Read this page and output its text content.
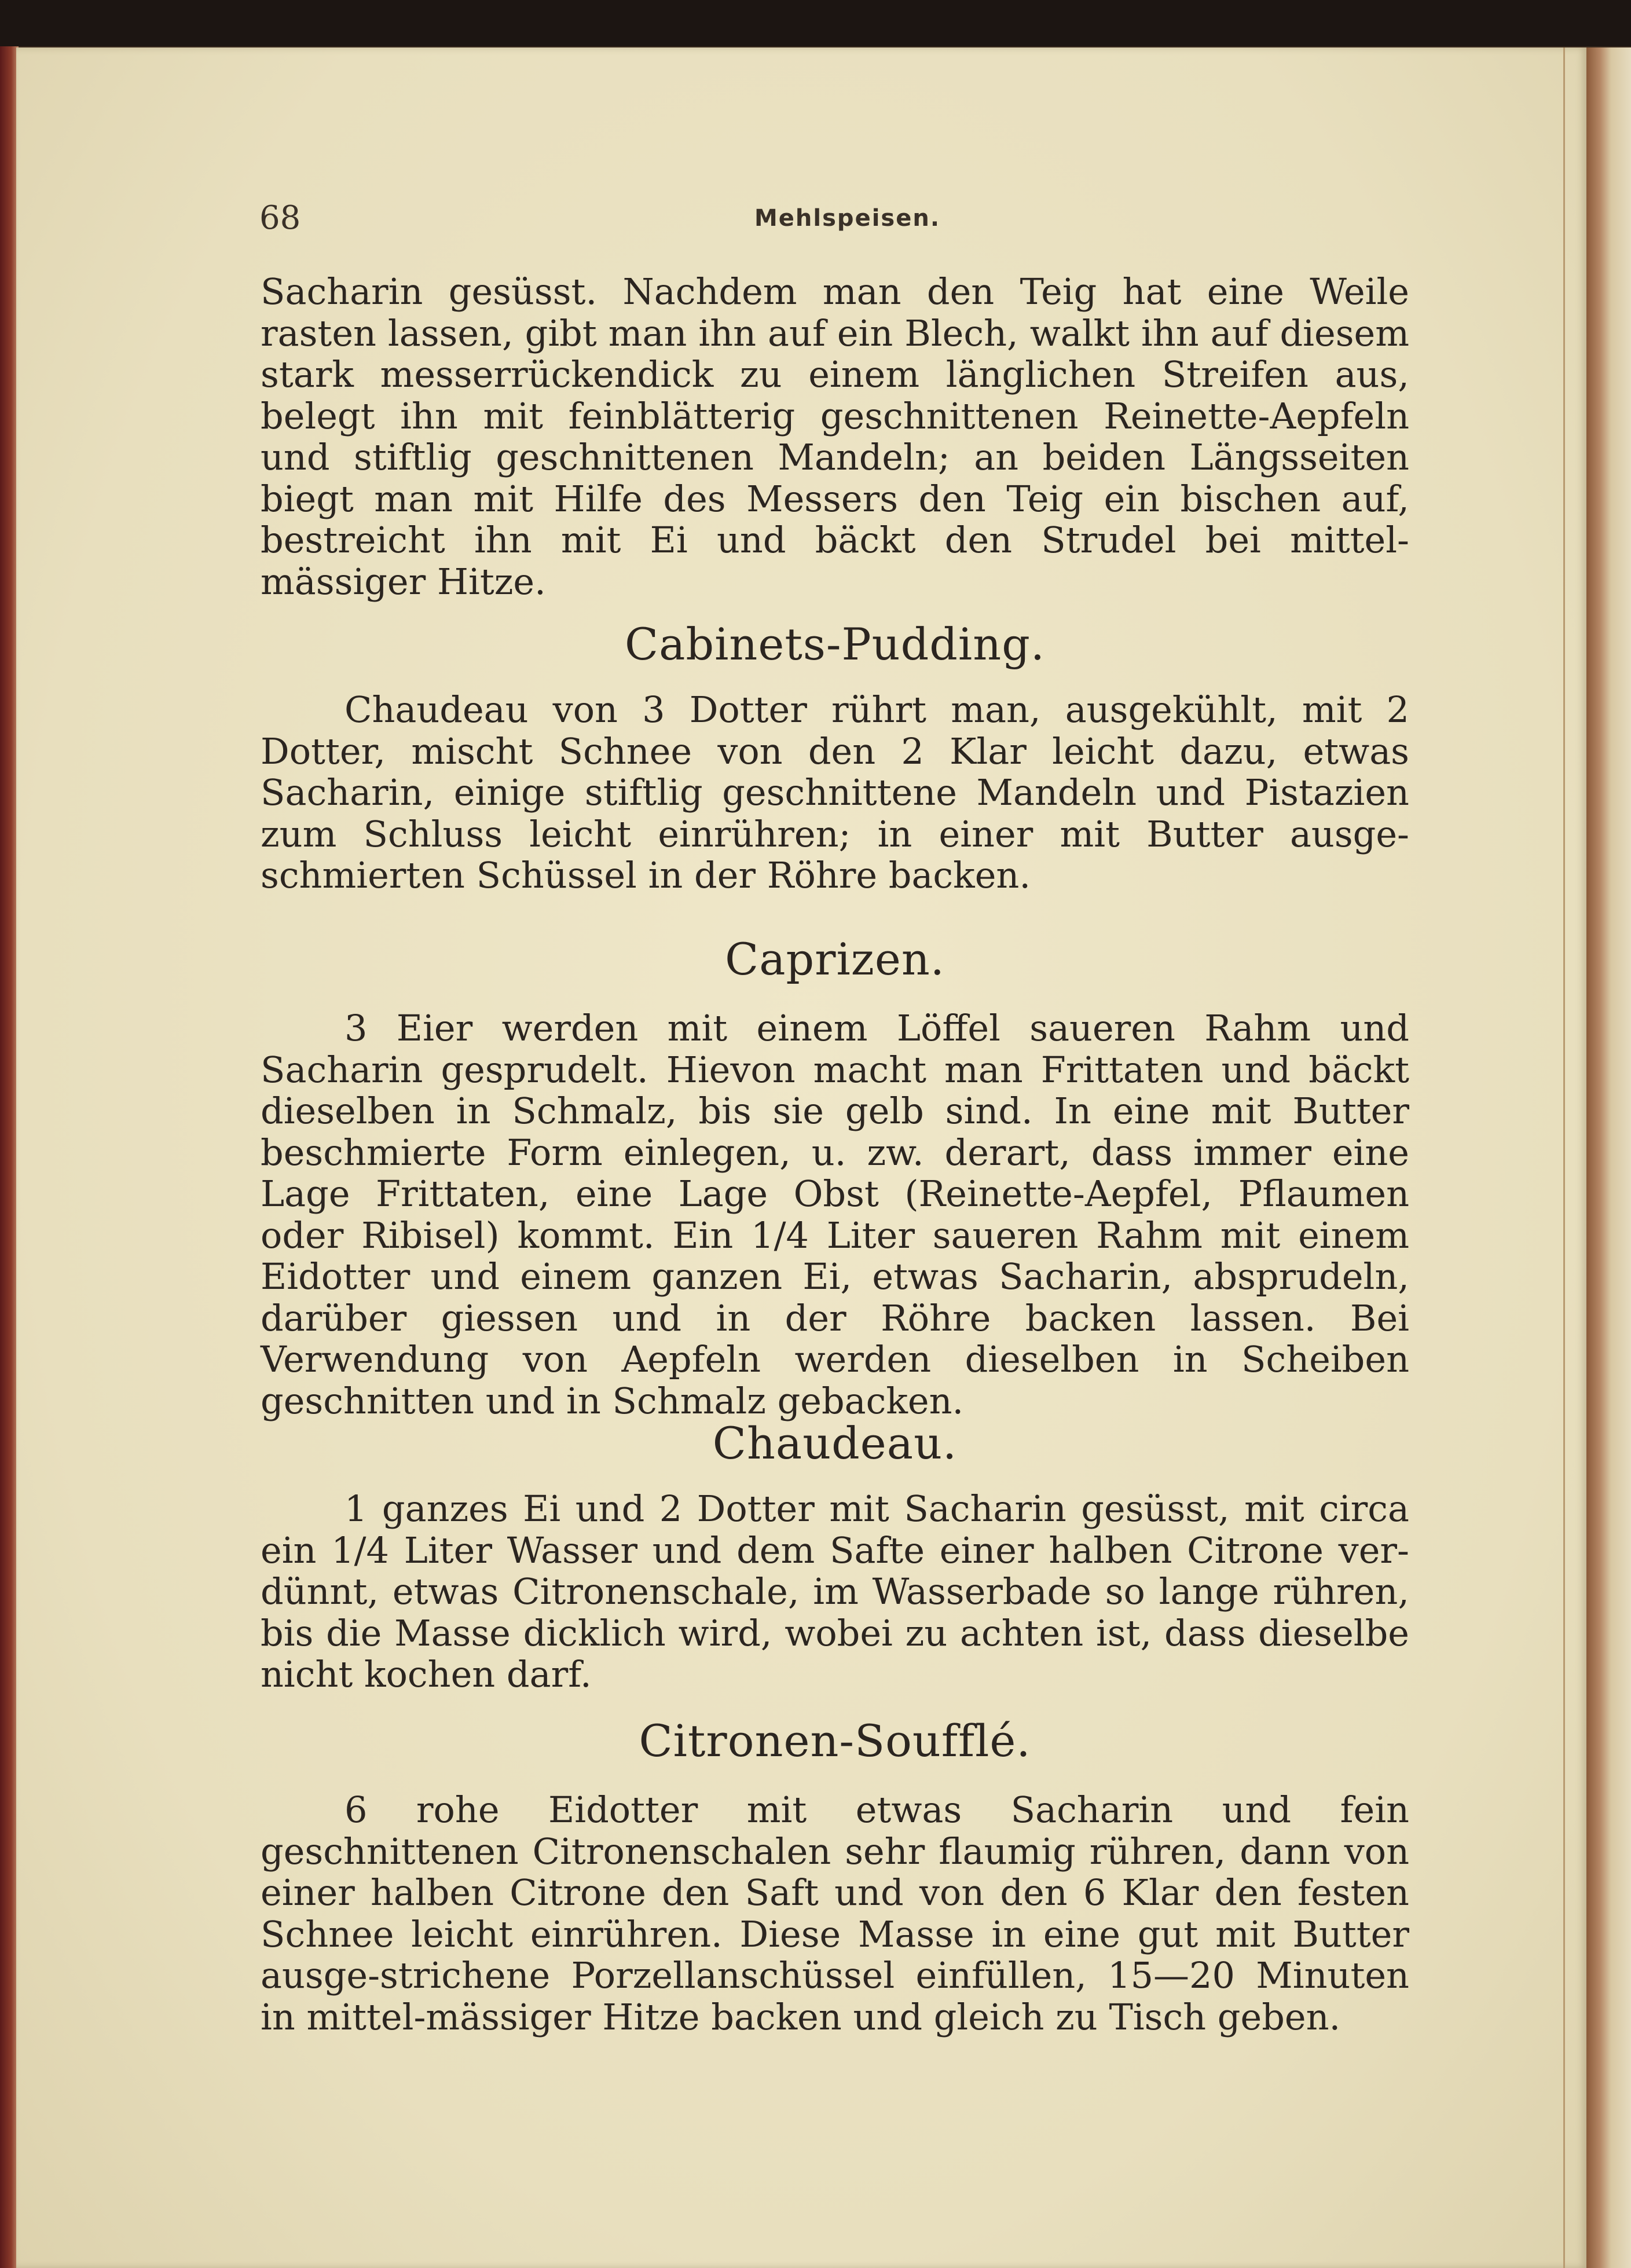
68	Mehlspeisen.

Sacharin gesüsst. Nachdem man den Teig hat eine Weile rasten lassen, gibt man ihn auf ein Blech, walkt ihn auf diesem stark messerrückendick zu einem länglichen Streifen aus, belegt ihn mit feinblätterig geschnittenen Reinette-Aepfeln und stiftlig geschnittenen Mandeln; an beiden Längsseiten biegt man mit Hilfe des Messers den Teig ein bischen auf, bestreicht ihn mit Ei und bäckt den Strudel bei mittel-mässiger Hitze.

Cabinets-Pudding.

Chaudeau von 3 Dotter rührt man, ausgekühlt, mit 2 Dotter, mischt Schnee von den 2 Klar leicht dazu, etwas Sacharin, einige stiftlig geschnittene Mandeln und Pistazien zum Schluss leicht einrühren; in einer mit Butter ausge-schmierten Schüssel in der Röhre backen.

Caprizen.

3 Eier werden mit einem Löffel saueren Rahm und Sacharin gesprudelt. Hievon macht man Frittaten und bäckt dieselben in Schmalz, bis sie gelb sind. In eine mit Butter beschmierte Form einlegen, u. zw. derart, dass immer eine Lage Frittaten, eine Lage Obst (Reinette-Aepfel, Pflaumen oder Ribisel) kommt. Ein 1/4 Liter saueren Rahm mit einem Eidotter und einem ganzen Ei, etwas Sacharin, absprudeln, darüber giessen und in der Röhre backen lassen. Bei Verwendung von Aepfeln werden dieselben in Scheiben geschnitten und in Schmalz gebacken.

Chaudeau.

1 ganzes Ei und 2 Dotter mit Sacharin gesüsst, mit circa ein 1/4 Liter Wasser und dem Safte einer halben Citrone ver-dünnt, etwas Citronenschale, im Wasserbade so lange rühren, bis die Masse dicklich wird, wobei zu achten ist, dass dieselbe nicht kochen darf.

Citronen-Soufflé.

6 rohe Eidotter mit etwas Sacharin und fein geschnittenen Citronenschalen sehr flaumig rühren, dann von einer halben Citrone den Saft und von den 6 Klar den festen Schnee leicht einrühren. Diese Masse in eine gut mit Butter ausge-strichene Porzellanschüssel einfüllen, 15—20 Minuten in mittel-mässiger Hitze backen und gleich zu Tisch geben.
